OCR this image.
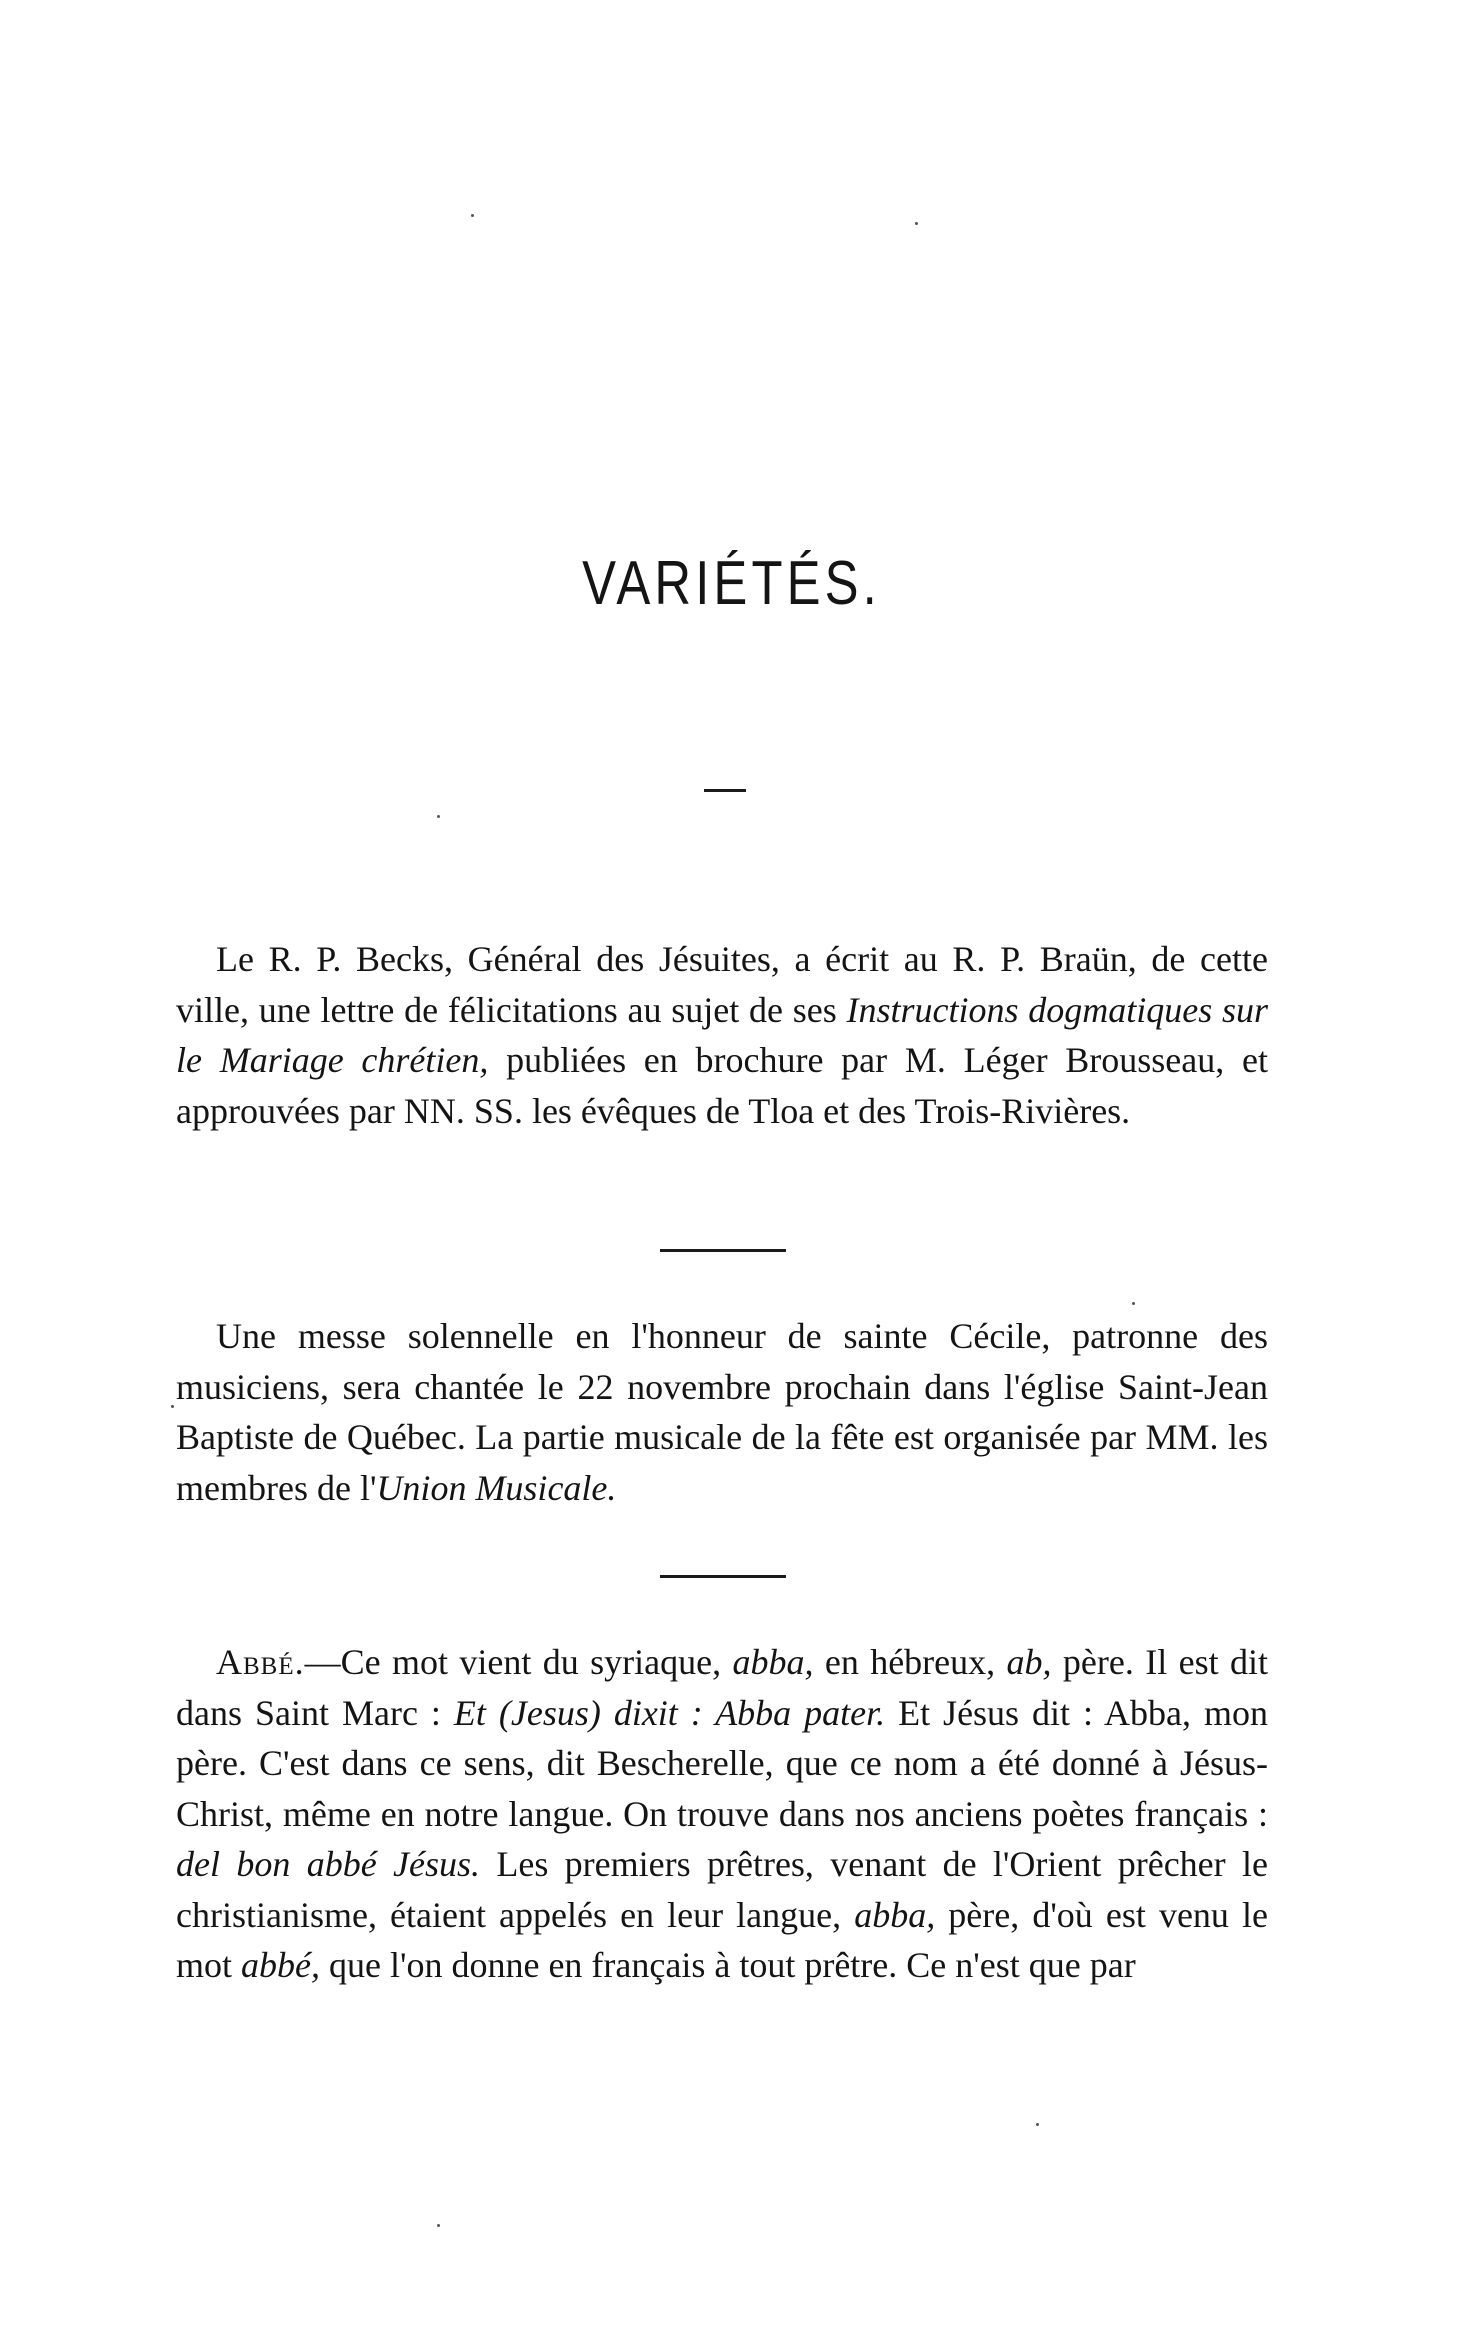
VARIÉTÉS.

Le R. P. Becks, Général des Jésuites, a écrit au R. P. Braün, de cette ville, une lettre de félicitations au sujet de ses Instructions dogmatiques sur le Mariage chrétien, publiées en brochure par M. Léger Brousseau, et approuvées par NN. SS. les évêques de Tloa et des Trois-Rivières.

Une messe solennelle en l'honneur de sainte Cécile, patronne des musiciens, sera chantée le 22 novembre prochain dans l'église Saint-Jean Baptiste de Québec. La partie musicale de la fête est organisée par MM. les membres de l'Union Musicale.

Abbé.—Ce mot vient du syriaque, abba, en hébreux, ab, père. Il est dit dans Saint Marc : Et (Jesus) dixit : Abba pater. Et Jésus dit : Abba, mon père. C'est dans ce sens, dit Bescherelle, que ce nom a été donné à Jésus-Christ, même en notre langue. On trouve dans nos anciens poètes français : del bon abbé Jésus. Les premiers prêtres, venant de l'Orient prêcher le christianisme, étaient appelés en leur langue, abba, père, d'où est venu le mot abbé, que l'on donne en français à tout prêtre. Ce n'est que par
